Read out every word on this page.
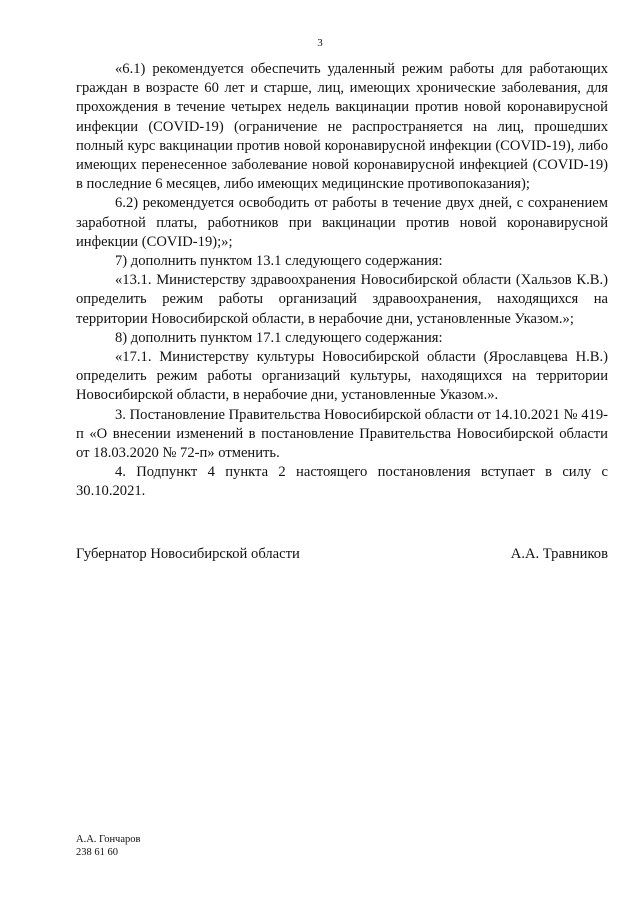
3

«6.1) рекомендуется обеспечить удаленный режим работы для работающих граждан в возрасте 60 лет и старше, лиц, имеющих хронические заболевания, для прохождения в течение четырех недель вакцинации против новой коронавирусной инфекции (COVID-19) (ограничение не распространяется на лиц, прошедших полный курс вакцинации против новой коронавирусной инфекции (COVID-19), либо имеющих перенесенное заболевание новой коронавирусной инфекцией (COVID-19) в последние 6 месяцев, либо имеющих медицинские противопоказания);

6.2) рекомендуется освободить от работы в течение двух дней, с сохранением заработной платы, работников при вакцинации против новой коронавирусной инфекции (COVID-19);»;

7) дополнить пунктом 13.1 следующего содержания:

«13.1. Министерству здравоохранения Новосибирской области (Хальзов К.В.) определить режим работы организаций здравоохранения, находящихся на территории Новосибирской области, в нерабочие дни, установленные Указом.»;

8) дополнить пунктом 17.1 следующего содержания:

«17.1. Министерству культуры Новосибирской области (Ярославцева Н.В.) определить режим работы организаций культуры, находящихся на территории Новосибирской области, в нерабочие дни, установленные Указом.».

3. Постановление Правительства Новосибирской области от 14.10.2021 № 419-п «О внесении изменений в постановление Правительства Новосибирской области от 18.03.2020 № 72-п» отменить.

4. Подпункт 4 пункта 2 настоящего постановления вступает в силу с 30.10.2021.

Губернатор Новосибирской области	А.А. Травников
А.А. Гончаров
238 61 60
